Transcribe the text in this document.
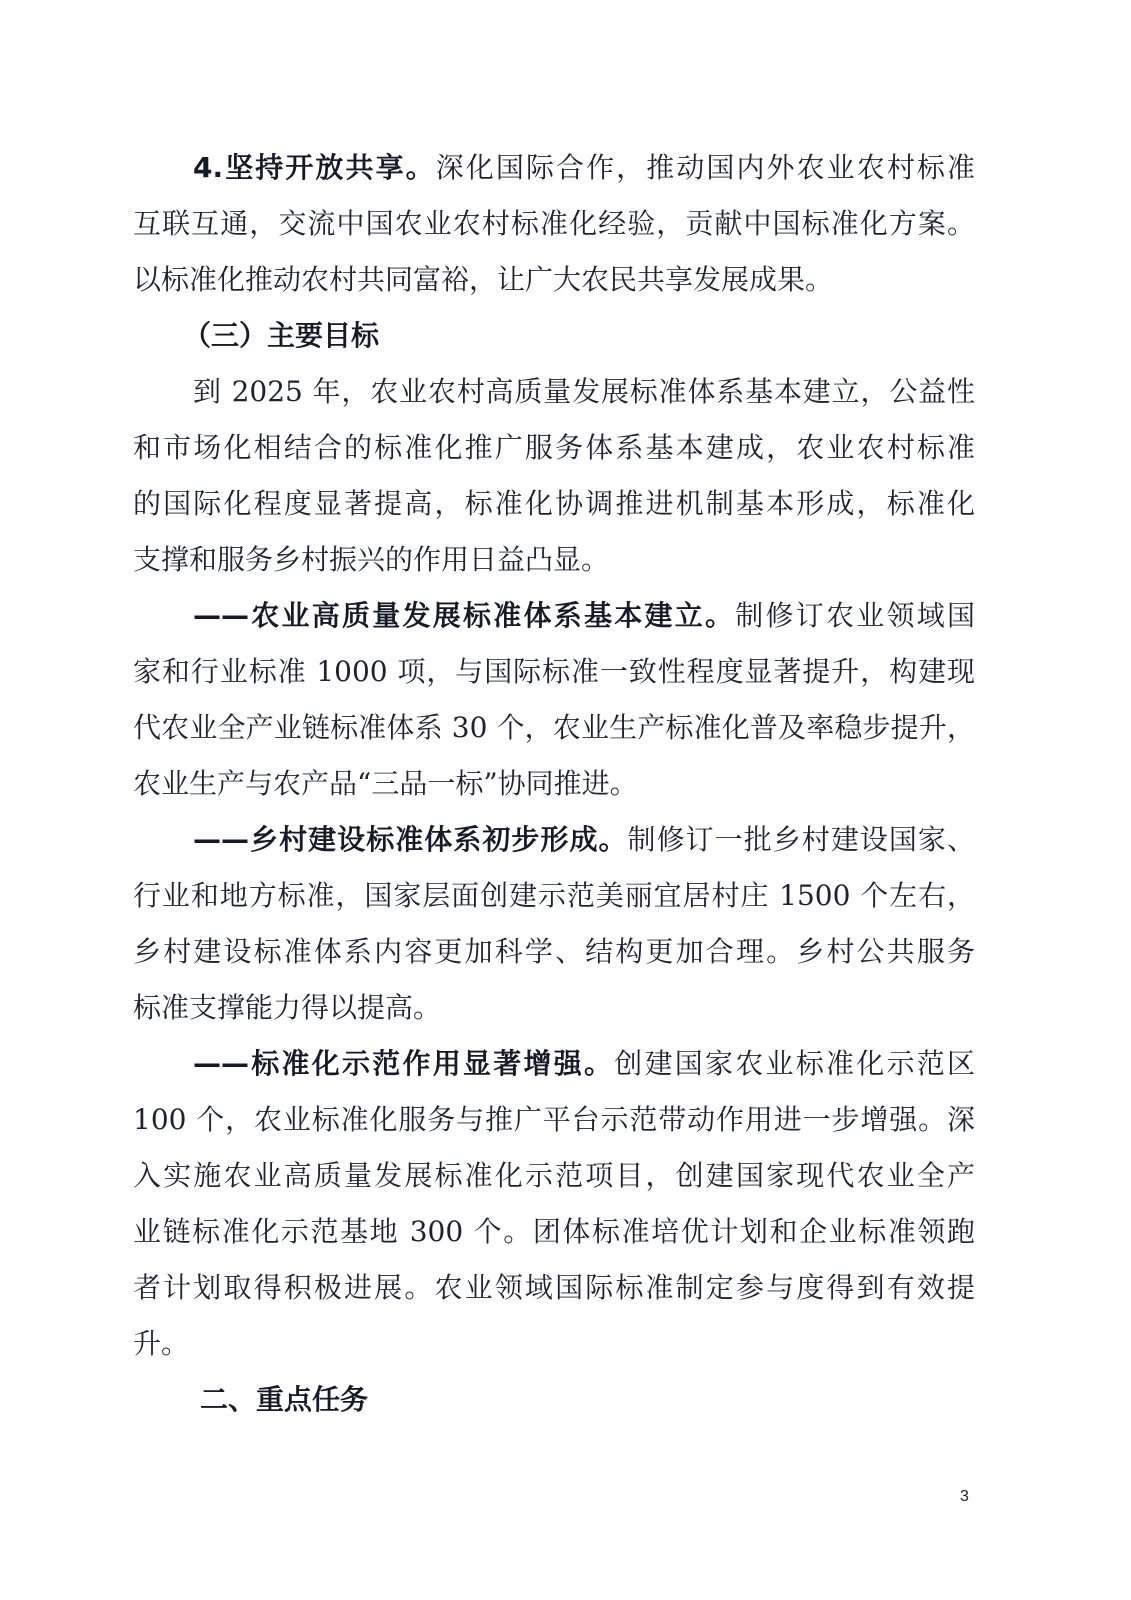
4.坚持开放共享。深化国际合作，推动国内外农业农村标准
互联互通，交流中国农业农村标准化经验，贡献中国标准化方案。
以标准化推动农村共同富裕，让广大农民共享发展成果。
（三）主要目标
到 2025 年，农业农村高质量发展标准体系基本建立，公益性
和市场化相结合的标准化推广服务体系基本建成，农业农村标准
的国际化程度显著提高，标准化协调推进机制基本形成，标准化
支撑和服务乡村振兴的作用日益凸显。
——农业高质量发展标准体系基本建立。制修订农业领域国
家和行业标准 1000 项，与国际标准一致性程度显著提升，构建现
代农业全产业链标准体系 30 个，农业生产标准化普及率稳步提升，
农业生产与农产品“三品一标”协同推进。
——乡村建设标准体系初步形成。制修订一批乡村建设国家、
行业和地方标准，国家层面创建示范美丽宜居村庄 1500 个左右，
乡村建设标准体系内容更加科学、结构更加合理。乡村公共服务
标准支撑能力得以提高。
——标准化示范作用显著增强。创建国家农业标准化示范区
100 个，农业标准化服务与推广平台示范带动作用进一步增强。深
入实施农业高质量发展标准化示范项目，创建国家现代农业全产
业链标准化示范基地 300 个。团体标准培优计划和企业标准领跑
者计划取得积极进展。农业领域国际标准制定参与度得到有效提
升。
二、重点任务
3
